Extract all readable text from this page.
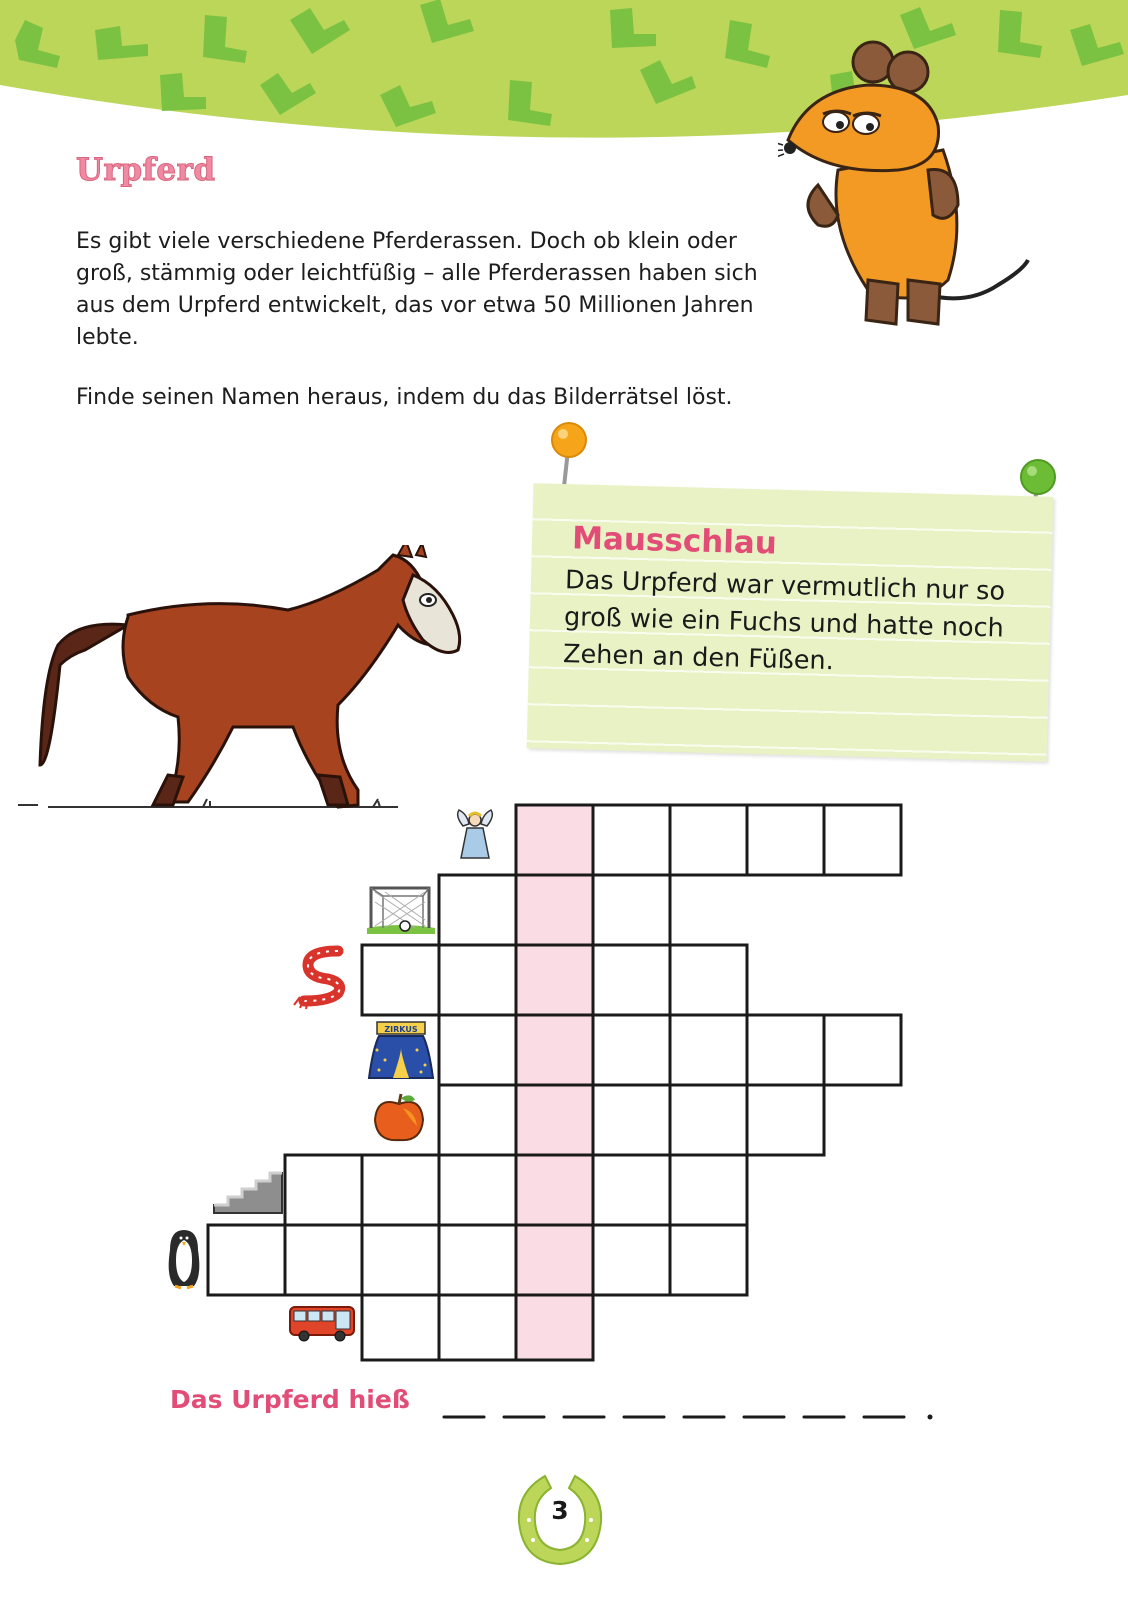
Urpferd

Es gibt viele verschiedene Pferderassen. Doch ob klein oder groß, stämmig oder leichtfüßig – alle Pferderassen haben sich aus dem Urpferd entwickelt, das vor etwa 50 Millionen Jahren lebte.

Finde seinen Namen heraus, indem du das Bilderrätsel löst.

Mausschlau
Das Urpferd war vermutlich nur so groß wie ein Fuchs und hatte noch Zehen an den Füßen.
ZIRKUS
Das Urpferd hieß
3
